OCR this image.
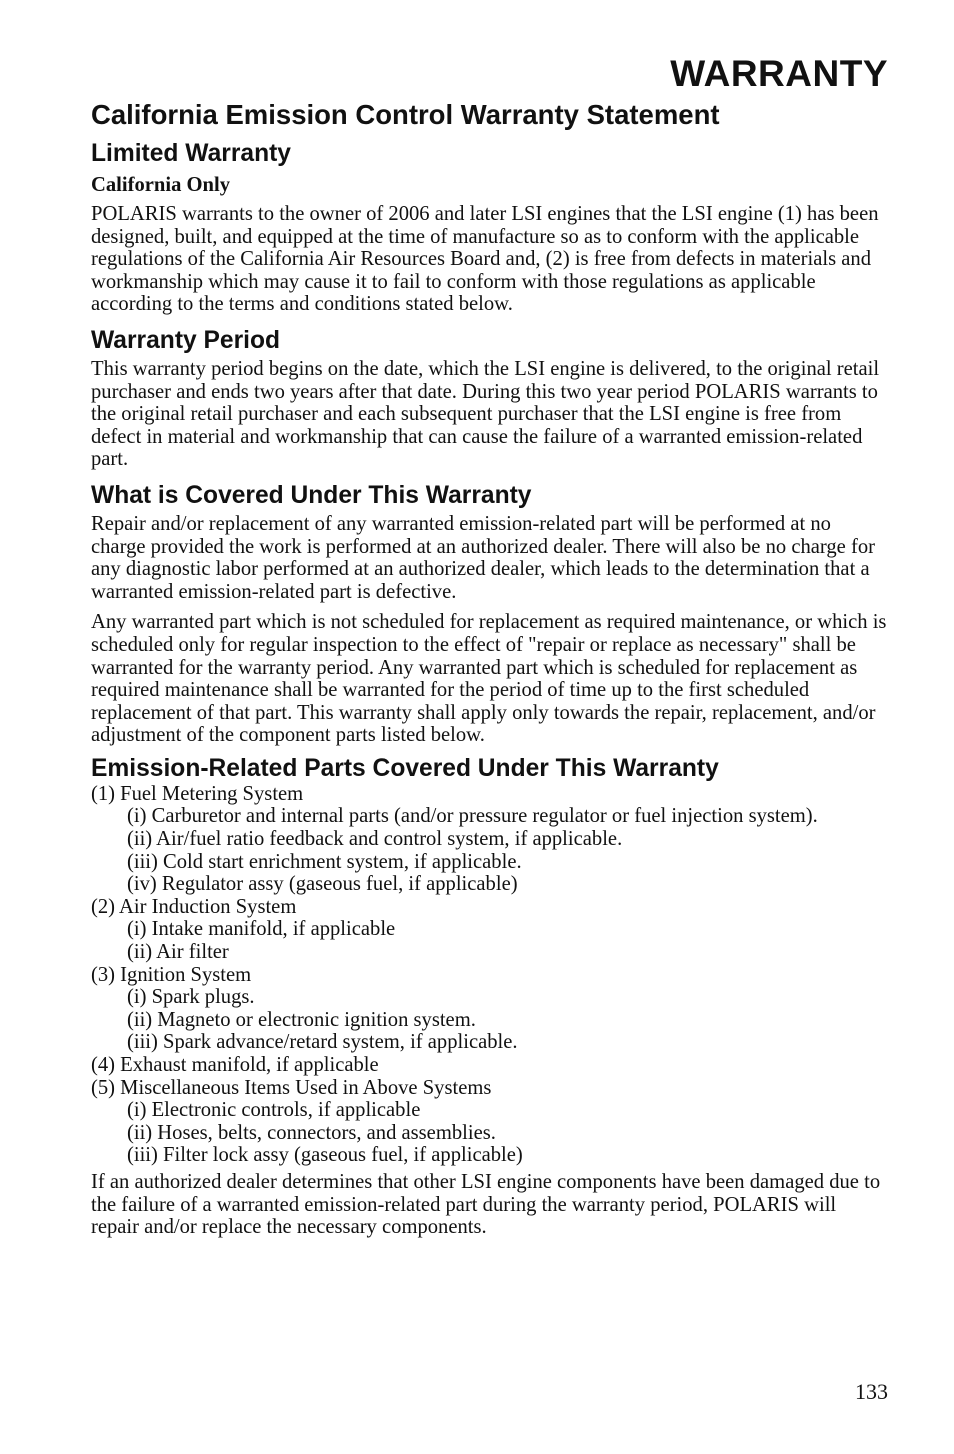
WARRANTY
California Emission Control Warranty Statement
Limited Warranty
California Only

POLARIS warrants to the owner of 2006 and later LSI engines that the LSI engine (1) has been designed, built, and equipped at the time of manufacture so as to conform with the applicable regulations of the California Air Resources Board and, (2) is free from defects in materials and workmanship which may cause it to fail to conform with those regulations as applicable according to the terms and conditions stated below.

Warranty Period

This warranty period begins on the date, which the LSI engine is delivered, to the original retail purchaser and ends two years after that date. During this two year period POLARIS warrants to the original retail purchaser and each subsequent purchaser that the LSI engine is free from defect in material and workmanship that can cause the failure of a warranted emission-related part.

What is Covered Under This Warranty

Repair and/or replacement of any warranted emission-related part will be performed at no charge provided the work is performed at an authorized dealer. There will also be no charge for any diagnostic labor performed at an authorized dealer, which leads to the determination that a warranted emission-related part is defective.

Any warranted part which is not scheduled for replacement as required maintenance, or which is scheduled only for regular inspection to the effect of "repair or replace as necessary" shall be warranted for the warranty period. Any warranted part which is scheduled for replacement as required maintenance shall be warranted for the period of time up to the first scheduled replacement of that part. This warranty shall apply only towards the repair, replacement, and/or adjustment of the component parts listed below.

Emission-Related Parts Covered Under This Warranty
(1) Fuel Metering System
(i) Carburetor and internal parts (and/or pressure regulator or fuel injection system).
(ii) Air/fuel ratio feedback and control system, if applicable.
(iii) Cold start enrichment system, if applicable.
(iv) Regulator assy (gaseous fuel, if applicable)
(2) Air Induction System
(i) Intake manifold, if applicable
(ii) Air filter
(3) Ignition System
(i) Spark plugs.
(ii) Magneto or electronic ignition system.
(iii) Spark advance/retard system, if applicable.
(4) Exhaust manifold, if applicable
(5) Miscellaneous Items Used in Above Systems
(i) Electronic controls, if applicable
(ii) Hoses, belts, connectors, and assemblies.
(iii) Filter lock assy (gaseous fuel, if applicable)

If an authorized dealer determines that other LSI engine components have been damaged due to the failure of a warranted emission-related part during the warranty period, POLARIS will repair and/or replace the necessary components.

133
